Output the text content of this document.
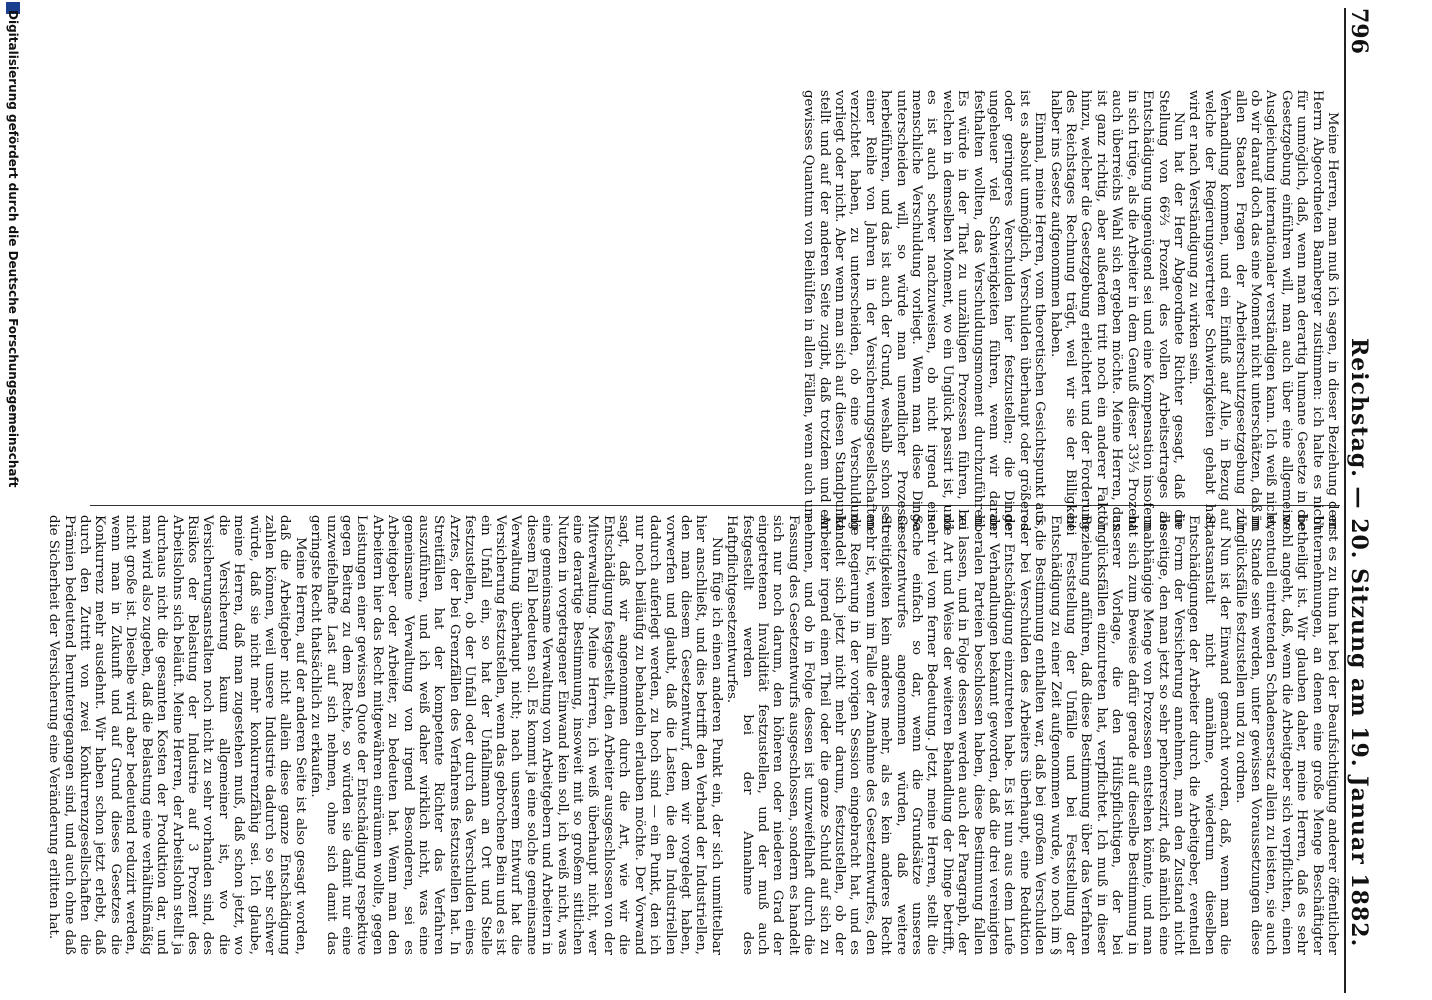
796
Reichstag. — 20. Sitzung am 19. Januar 1882.

erst es zu thun hat bei der Beaufsichtigung anderer öffentlicher Unternehmungen, an denen eine große Menge Beschäftigter betheiligt ist. Wir glauben daher, meine Herren, daß es sehr wohl angeht, daß, wenn die Arbeitgeber sich verpflichten, einen eventuell eintretenden Schadensersatz allein zu leisten, sie auch im Stande sein werden, unter gewissen Voraussetzungen diese Unglücksfälle festzustellen und zu ordnen.

Nun ist der Einwand gemacht worden, daß, wenn man die Staatsanstalt nicht annähme, wiederum dieselben Entschädigungen der Arbeiter durch die Arbeitgeber, eventuell in Form der Versicherung annehmen, man den Zustand nicht beseitige, den man jetzt so sehr perhorreszirt, daß nämlich eine unabhängige Menge von Prozessen entstehen könnte, und man hat sich zum Beweise dafür gerade auf dieselbe Bestimmung in unserer Vorlage, die den Hülfspflichtigen, der bei Unglücksfällen einzutreten hat, verpflichtet. Ich muß in dieser Beziehung anführen, daß diese Bestimmung über das Verfahren bei Feststellung der Unfälle und bei Feststellung der Entschädigung zu einer Zeit aufgenommen wurde, wo noch im § 5 die Bestimmung enthalten war, daß bei großem Verschulden oder bei Verschulden des Arbeiters überhaupt, eine Reduktion der Entschädigung einzutreten habe. Es ist nun aus dem Laufe der Verhandlungen bekannt geworden, daß die drei vereinigten liberalen Parteien beschlossen haben, diese Bestimmung fallen zu lassen, und in Folge dessen werden auch der Paragraph, der die Art und Weise der weiteren Behandlung der Dinge betrifft, sehr viel vom ferner Bedeutung. Jetzt, meine Herren, stellt die Sache einfach so dar, wenn die Grundsätze unseres Gesetzentwurfes angenommen würden, daß weitere Streitigkeiten kein anderes mehr, als es kein anderes Recht mehr ist, wenn im Falle der Annahme des Gesetzentwurfes, den die Regierung in der vorigen Session eingebracht hat, und es handelt sich jetzt nicht mehr darum, festzustellen, ob der Arbeiter irgend einen Theil oder die ganze Schuld auf sich zu nehmen, und ob in Folge dessen ist unzweifelhaft durch die Fassung des Gesetzentwurfs ausgeschlossen, sondern es handelt sich nur noch darum, den höheren oder niederen Grad der eingetretenen Invalidität festzustellen, und der muß auch festgestellt werden bei der Annahme des Haftpflichtgesetzentwurfes.

Nun füge ich einen anderen Punkt ein, der sich unmittelbar hier anschließt, und dies betrifft den Verband der Industriellen, den man diesem Gesetzentwurf, dem wir vorgelegt haben, vorwerfen und glaubt, daß die Lasten, die den Industriellen dadurch auferlegt werden, zu hoch sind — ein Punkt, den ich nur noch beiläufig zu behandeln erlauben möchte. Der Vorwand sagt, daß wir angenommen durch die Art, wie wir die Entschädigung festgestellt, den Arbeiter ausgeschlossen von der Mitverwaltung. Meine Herren, ich weiß überhaupt nicht, wer eine derartige Bestimmung, insoweit mit so großem sittlichen Nutzen in vorgetragener Einwand kein soll, ich weiß nicht, was eine gemeinsame Verwaltung von Arbeitgebern und Arbeitern in diesem Fall bedeuten soll. Es kommt ja eine solche gemeinsame Verwaltung überhaupt nicht; nach unserem Entwurf hat die Versicherung festzustellen, wenn das gebrochene Bein und es ist ein Unfall ein, so hat der Unfallmann an Ort und Stelle festzustellen, ob der Unfall oder durch das Verschulden eines Arztes, der bei Grenzfällen des Verfahrens festzustellen hat. In Streitfällen hat der kompetente Richter das Verfahren auszuführen, und ich weiß daher wirklich nicht, was eine gemeinsame Verwaltung von irgend Besonderen, sei es Arbeitgeber oder Arbeiter, zu bedeuten hat. Wenn man den Arbeitern hier das Recht mitgewähren einräumen wollte, gegen Leistungen einer gewissen Quote der Entschädigung respektive gegen Beitrag zu dem Rechte, so würden sie damit nur eine unzweifelhafte Last auf sich nehmen, ohne sich damit das geringste Recht thatsächlich zu erkaufen.

Meine Herren, auf der anderen Seite ist also gesagt worden, daß die Arbeitgeber nicht allein diese ganze Entschädigung zahlen können, weil unsere Industrie dadurch so sehr schwer würde, daß sie nicht mehr konkurrenzfähig sei. Ich glaube, meine Herren, daß man zugestehen muß, daß schon jetzt, wo die Versicherung kaum allgemeiner ist, wo die Versicherungsanstalten noch nicht zu sehr vorhanden sind, des Risikos der Belastung der Industrie auf 3 Prozent des Arbeitslohns sich beläuft. Meine Herren, der Arbeitslohn stellt ja durchaus nicht die gesamten Kosten der Produktion dar, und man wird also zugeben, daß die Belastung eine verhältnißmäßig nicht große ist. Dieselbe wird aber bedeutend reduzirt werden, wenn man in Zukunft und auf Grund dieses Gesetzes die Konkurrenz mehr ausdehnt. Wir haben schon jetzt erlebt, daß durch den Zutritt von zwei Konkurrenzgesellschaften die Prämien bedeutend heruntergegangen sind, und auch ohne daß die Sicherheit der Versicherung eine Veränderung erlitten hat.

Meine Herren, man muß ich sagen, in dieser Beziehung dem Herrn Abgeordneten Bamberger zustimmen: ich halte es nicht für unmöglich, daß, wenn man derartig humane Gesetze in die Gesetzgebung einführen will, man auch über eine allgemeine Ausgleichung internationaler verständigen kann. Ich weiß nicht, ob wir darauf doch das eine Moment nicht unterschätzen, daß in allen Staaten Fragen der Arbeiterschutzgesetzgebung zur Verhandlung kommen, und ein Einfluß auf Alle, in Bezug auf welche der Regierungsvertreter Schwierigkeiten gehabt hat, wird er nach Verständigung zu wirken sein.

Nun hat der Herr Abgeordnete Richter gesagt, daß die Stellung von 66⅔ Prozent des vollen Arbeitsertrages als Entschädigung ungenügend sei und eine Kompensation insofern in sich trüge, als die Arbeiter in dem Genuß dieser 33⅓ Prozent auch überreichs Wahl sich ergeben möchte. Meine Herren, das ist ganz richtig, aber außerdem tritt noch ein anderer Faktor hinzu, welcher die Gesetzgebung erleichtert und der Forderung des Reichstages Rechnung trägt, weil wir sie der Billigkeit halber ins Gesetz aufgenommen haben.

Einmal, meine Herren, vom theoretischen Gesichtspunkt aus, ist es absolut unmöglich, Verschulden überhaupt oder größeres oder geringeres Verschulden hier festzustellen; die Dinge ungeheuer viel Schwierigkeiten führen, wenn wir daran festhalten wollten, das Verschuldungsmoment durchzuführen. Es würde in der That zu unzähligen Prozessen führen, bei welchen in demselben Moment, wo ein Unglück passirt ist, und es ist auch schwer nachzuweisen, ob nicht irgend eine menschliche Verschuldung vorliegt. Wenn man diese Dinge unterscheiden will, so würde man unendlicher Prozesse herbeiführen, und das ist auch der Grund, weshalb schon seit einer Reihe von Jahren in der Versicherungsgesellschaften verzichtet haben, zu unterscheiden, ob eine Verschuldung vorliegt oder nicht. Aber wenn man sich auf diesen Standpunkt stellt und auf der anderen Seite zugibt, daß trotzdem und ein gewisses Quantum von Beihülfen in allen Fällen, wenn auch un-

Digitalisierung gefördert durch die Deutsche Forschungsgemeinschaft
